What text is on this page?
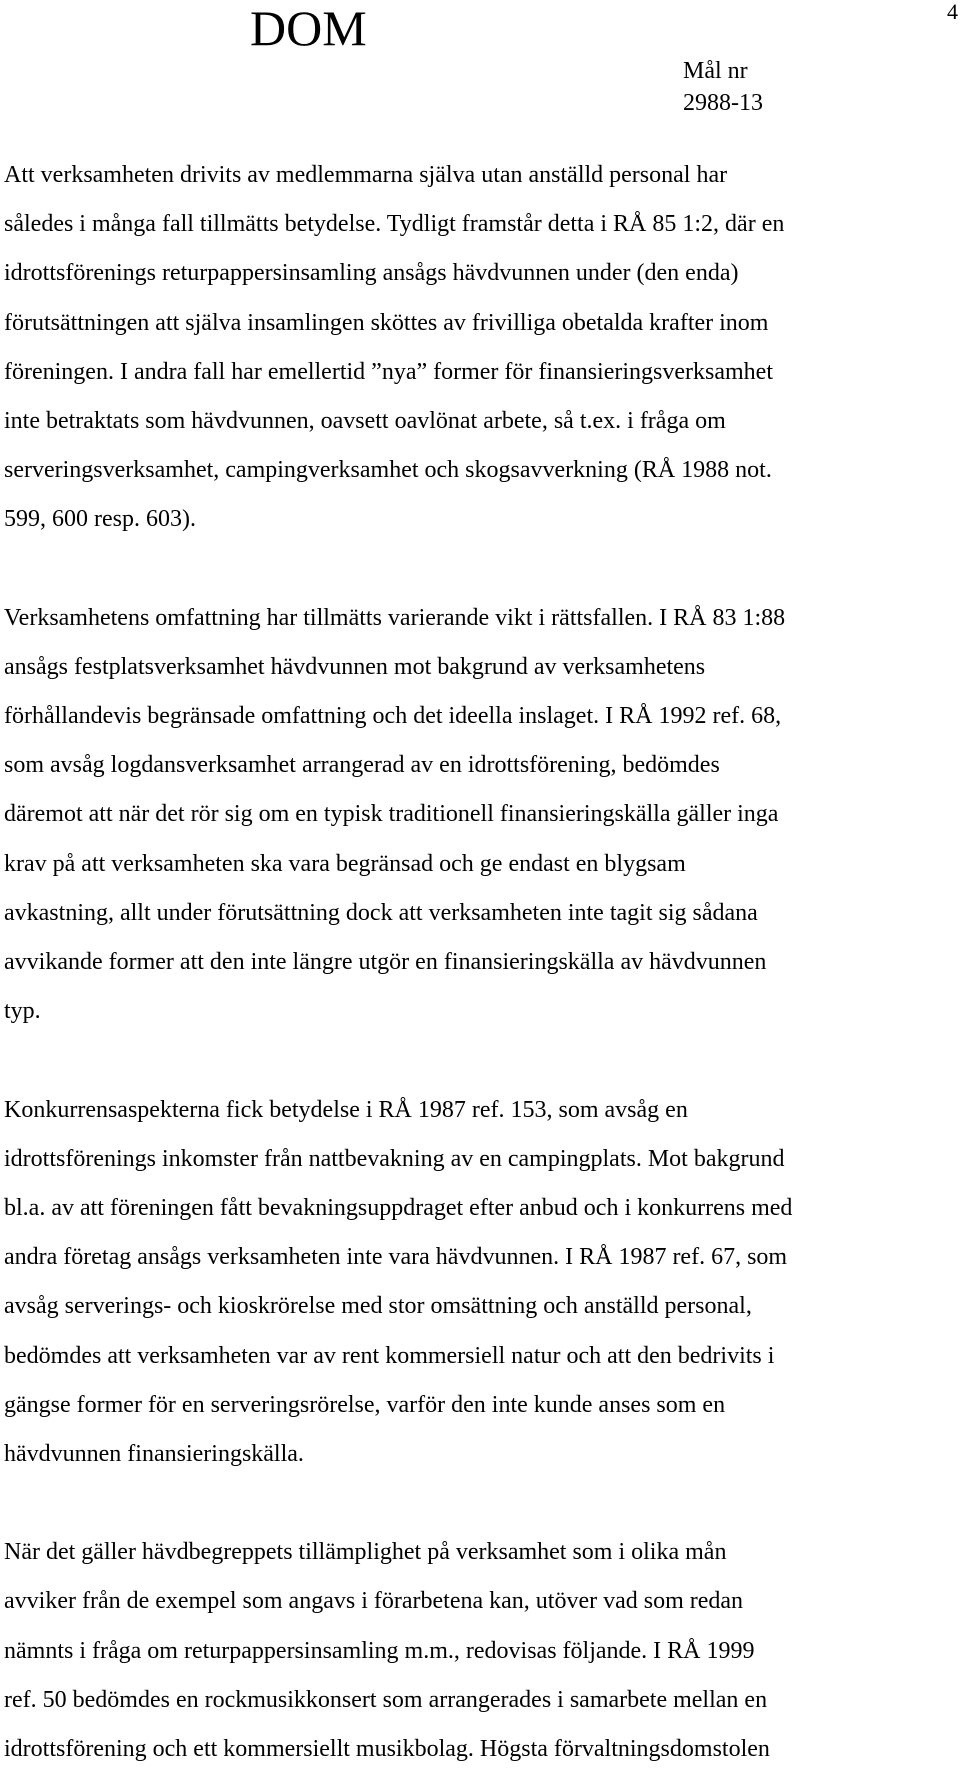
DOM	4
Mål nr
2988-13
Att verksamheten drivits av medlemmarna själva utan anställd personal har
således i många fall tillmätts betydelse. Tydligt framstår detta i RÅ 85 1:2, där en
idrottsförenings returpappersinsamling ansågs hävdvunnen under (den enda)
förutsättningen att själva insamlingen sköttes av frivilliga obetalda krafter inom
föreningen. I andra fall har emellertid ”nya” former för finansieringsverksamhet
inte betraktats som hävdvunnen, oavsett oavlönat arbete, så t.ex. i fråga om
serveringsverksamhet, campingverksamhet och skogsavverkning (RÅ 1988 not.
599, 600 resp. 603).
Verksamhetens omfattning har tillmätts varierande vikt i rättsfallen. I RÅ 83 1:88
ansågs festplatsverksamhet hävdvunnen mot bakgrund av verksamhetens
förhållandevis begränsade omfattning och det ideella inslaget. I RÅ 1992 ref. 68,
som avsåg logdansverksamhet arrangerad av en idrottsförening, bedömdes
däremot att när det rör sig om en typisk traditionell finansieringskälla gäller inga
krav på att verksamheten ska vara begränsad och ge endast en blygsam
avkastning, allt under förutsättning dock att verksamheten inte tagit sig sådana
avvikande former att den inte längre utgör en finansieringskälla av hävdvunnen
typ.
Konkurrensaspekterna fick betydelse i RÅ 1987 ref. 153, som avsåg en
idrottsförenings inkomster från nattbevakning av en campingplats. Mot bakgrund
bl.a. av att föreningen fått bevakningsuppdraget efter anbud och i konkurrens med
andra företag ansågs verksamheten inte vara hävdvunnen. I RÅ 1987 ref. 67, som
avsåg serverings- och kioskrörelse med stor omsättning och anställd personal,
bedömdes att verksamheten var av rent kommersiell natur och att den bedrivits i
gängse former för en serveringsrörelse, varför den inte kunde anses som en
hävdvunnen finansieringskälla.
När det gäller hävdbegreppets tillämplighet på verksamhet som i olika mån
avviker från de exempel som angavs i förarbetena kan, utöver vad som redan
nämnts i fråga om returpappersinsamling m.m., redovisas följande. I RÅ 1999
ref. 50 bedömdes en rockmusikkonsert som arrangerades i samarbete mellan en
idrottsförening och ett kommersiellt musikbolag. Högsta förvaltningsdomstolen
